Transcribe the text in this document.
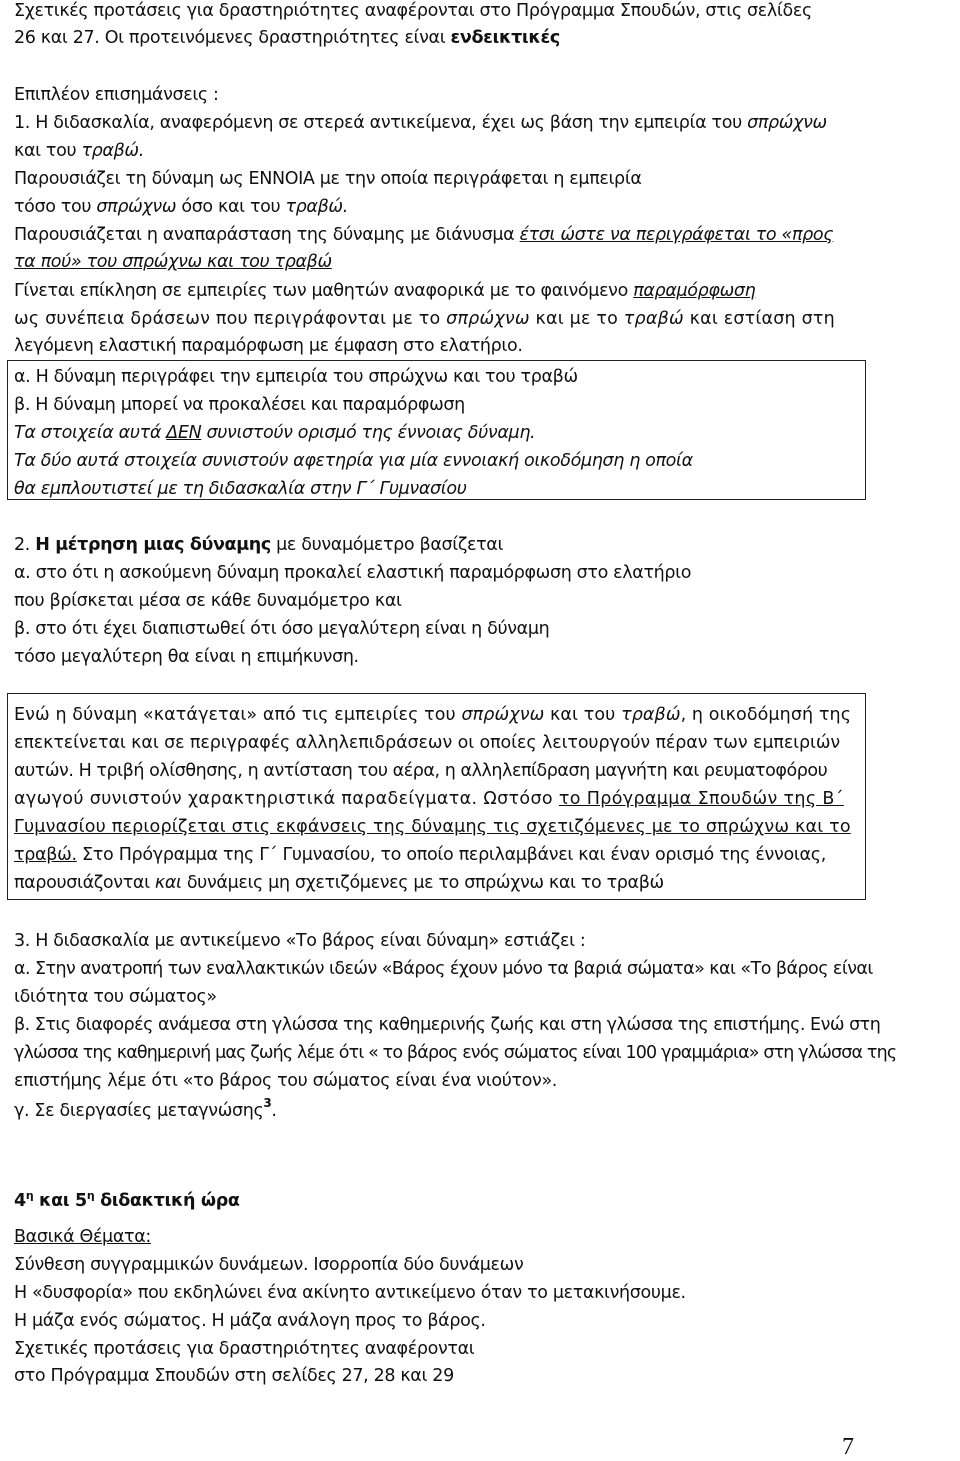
Σχετικές προτάσεις για δραστηριότητες αναφέρονται στο Πρόγραμμα Σπουδών, στις σελίδες
26 και 27. Οι προτεινόμενες δραστηριότητες είναι ενδεικτικές
Επιπλέον επισημάνσεις :
1. Η διδασκαλία, αναφερόμενη σε στερεά αντικείμενα, έχει ως βάση την εμπειρία του σπρώχνω
και του τραβώ.
Παρουσιάζει τη δύναμη ως ΕΝΝΟΙΑ με την οποία περιγράφεται η εμπειρία
τόσο του σπρώχνω όσο και του τραβώ.
Παρουσιάζεται η αναπαράσταση της δύναμης με διάνυσμα έτσι ώστε να περιγράφεται το «προς
τα πού» του σπρώχνω και του τραβώ
Γίνεται επίκληση σε εμπειρίες των μαθητών αναφορικά με το φαινόμενο παραμόρφωση
ως συνέπεια δράσεων που περιγράφονται με το σπρώχνω και με το τραβώ και εστίαση στη
λεγόμενη ελαστική παραμόρφωση με έμφαση στο ελατήριο.
α. Η δύναμη περιγράφει την εμπειρία του σπρώχνω και του τραβώ
β. Η δύναμη μπορεί να προκαλέσει και παραμόρφωση
Τα στοιχεία αυτά ΔΕΝ συνιστούν ορισμό της έννοιας δύναμη.
Τα δύο αυτά στοιχεία συνιστούν αφετηρία για μία εννοιακή οικοδόμηση η οποία
θα εμπλουτιστεί με τη διδασκαλία στην Γ΄ Γυμνασίου
2. Η μέτρηση μιας δύναμης με δυναμόμετρο βασίζεται
α. στο ότι η ασκούμενη δύναμη προκαλεί ελαστική παραμόρφωση στο ελατήριο
που βρίσκεται μέσα σε κάθε δυναμόμετρο και
β. στο ότι έχει διαπιστωθεί ότι όσο μεγαλύτερη είναι η δύναμη
τόσο μεγαλύτερη θα είναι η επιμήκυνση.
Ενώ η δύναμη «κατάγεται» από τις εμπειρίες του σπρώχνω και του τραβώ, η οικοδόμησή της
επεκτείνεται και σε περιγραφές αλληλεπιδράσεων οι οποίες λειτουργούν πέραν των εμπειριών
αυτών. Η τριβή ολίσθησης, η αντίσταση του αέρα, η αλληλεπίδραση μαγνήτη και ρευματοφόρου
αγωγού συνιστούν χαρακτηριστικά παραδείγματα. Ωστόσο το Πρόγραμμα Σπουδών της Β΄
Γυμνασίου περιορίζεται στις εκφάνσεις της δύναμης τις σχετιζόμενες με το σπρώχνω και το
τραβώ. Στο Πρόγραμμα της Γ΄ Γυμνασίου, το οποίο περιλαμβάνει και έναν ορισμό της έννοιας,
παρουσιάζονται και δυνάμεις μη σχετιζόμενες με το σπρώχνω και το τραβώ
3. Η διδασκαλία με αντικείμενο «Το βάρος είναι δύναμη» εστιάζει :
α. Στην ανατροπή των εναλλακτικών ιδεών «Βάρος έχουν μόνο τα βαριά σώματα» και «Το βάρος είναι
ιδιότητα του σώματος»
β. Στις διαφορές ανάμεσα στη γλώσσα της καθημερινής ζωής και στη γλώσσα της επιστήμης. Ενώ στη
γλώσσα της καθημερινή μας ζωής λέμε ότι « το βάρος ενός σώματος είναι 100 γραμμάρια» στη γλώσσα της
επιστήμης λέμε ότι «το βάρος του σώματος είναι ένα νιούτον».
γ. Σε διεργασίες μεταγνώσης$^3$.
$4^\eta$ και $5^\eta$ διδακτική ώρα
Βασικά Θέματα:
Σύνθεση συγγραμμικών δυνάμεων. Ισορροπία δύο δυνάμεων
Η «δυσφορία» που εκδηλώνει ένα ακίνητο αντικείμενο όταν το μετακινήσουμε.
Η μάζα ενός σώματος. Η μάζα ανάλογη προς το βάρος.
Σχετικές προτάσεις για δραστηριότητες αναφέρονται
στο Πρόγραμμα Σπουδών στη σελίδες 27, 28 και 29
7
